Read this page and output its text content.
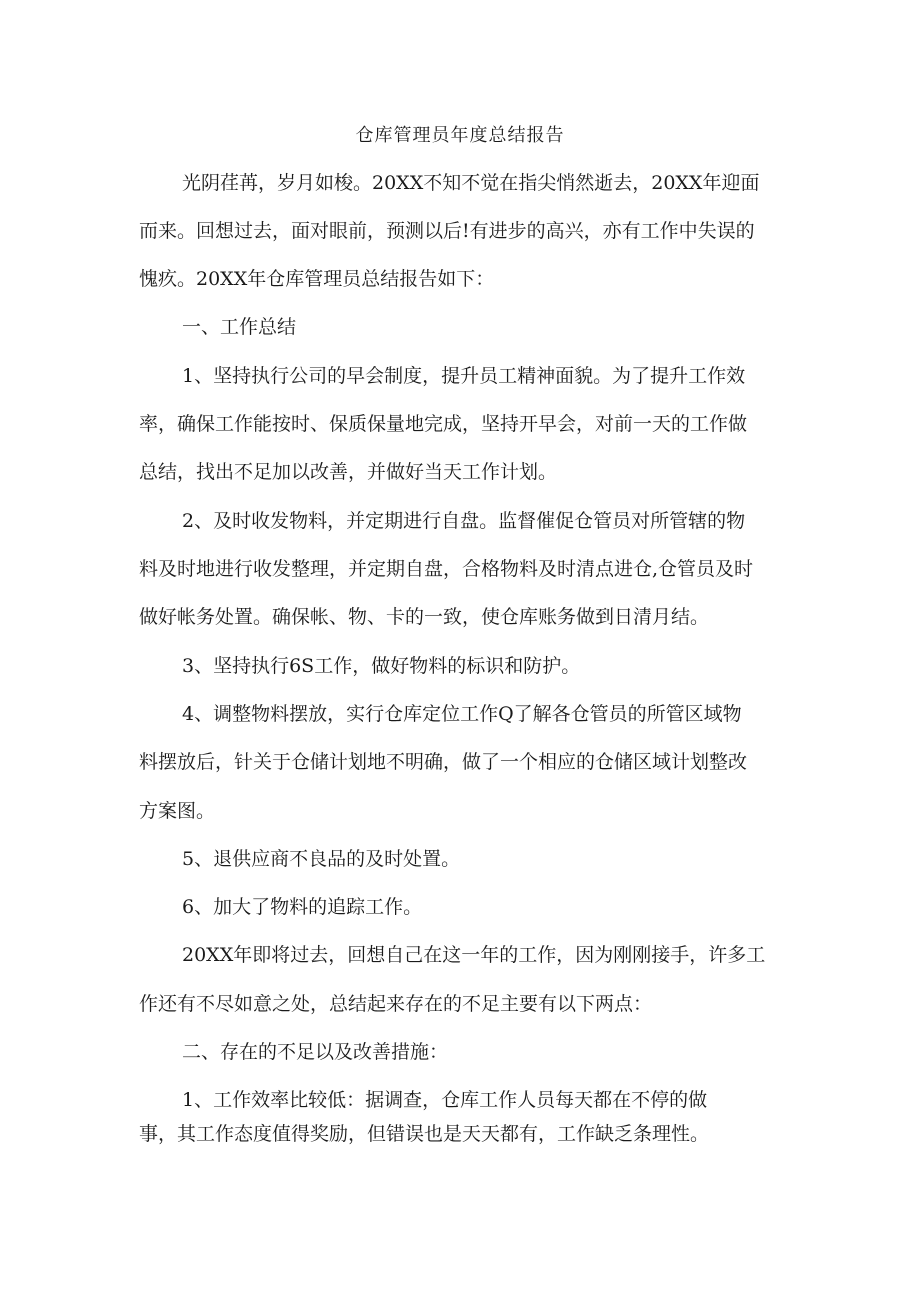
仓库管理员年度总结报告
光阴荏苒，岁月如梭。20XX不知不觉在指尖悄然逝去，20XX年迎面
而来。回想过去，面对眼前，预测以后!有进步的高兴，亦有工作中失误的
愧疚。20XX年仓库管理员总结报告如下：
一、工作总结
1、坚持执行公司的早会制度，提升员工精神面貌。为了提升工作效
率，确保工作能按时、保质保量地完成，坚持开早会，对前一天的工作做
总结，找出不足加以改善，并做好当天工作计划。
2、及时收发物料，并定期进行自盘。监督催促仓管员对所管辖的物
料及时地进行收发整理，并定期自盘，合格物料及时清点进仓,仓管员及时
做好帐务处置。确保帐、物、卡的一致，使仓库账务做到日清月结。
3、坚持执行6S工作，做好物料的标识和防护。
4、调整物料摆放，实行仓库定位工作Q了解各仓管员的所管区域物
料摆放后，针关于仓储计划地不明确，做了一个相应的仓储区域计划整改
方案图。
5、退供应商不良品的及时处置。
6、加大了物料的追踪工作。
20XX年即将过去，回想自己在这一年的工作，因为刚刚接手，许多工
作还有不尽如意之处，总结起来存在的不足主要有以下两点：
二、存在的不足以及改善措施：
1、工作效率比较低：据调查，仓库工作人员每天都在不停的做
事，其工作态度值得奖励，但错误也是天天都有，工作缺乏条理性。
